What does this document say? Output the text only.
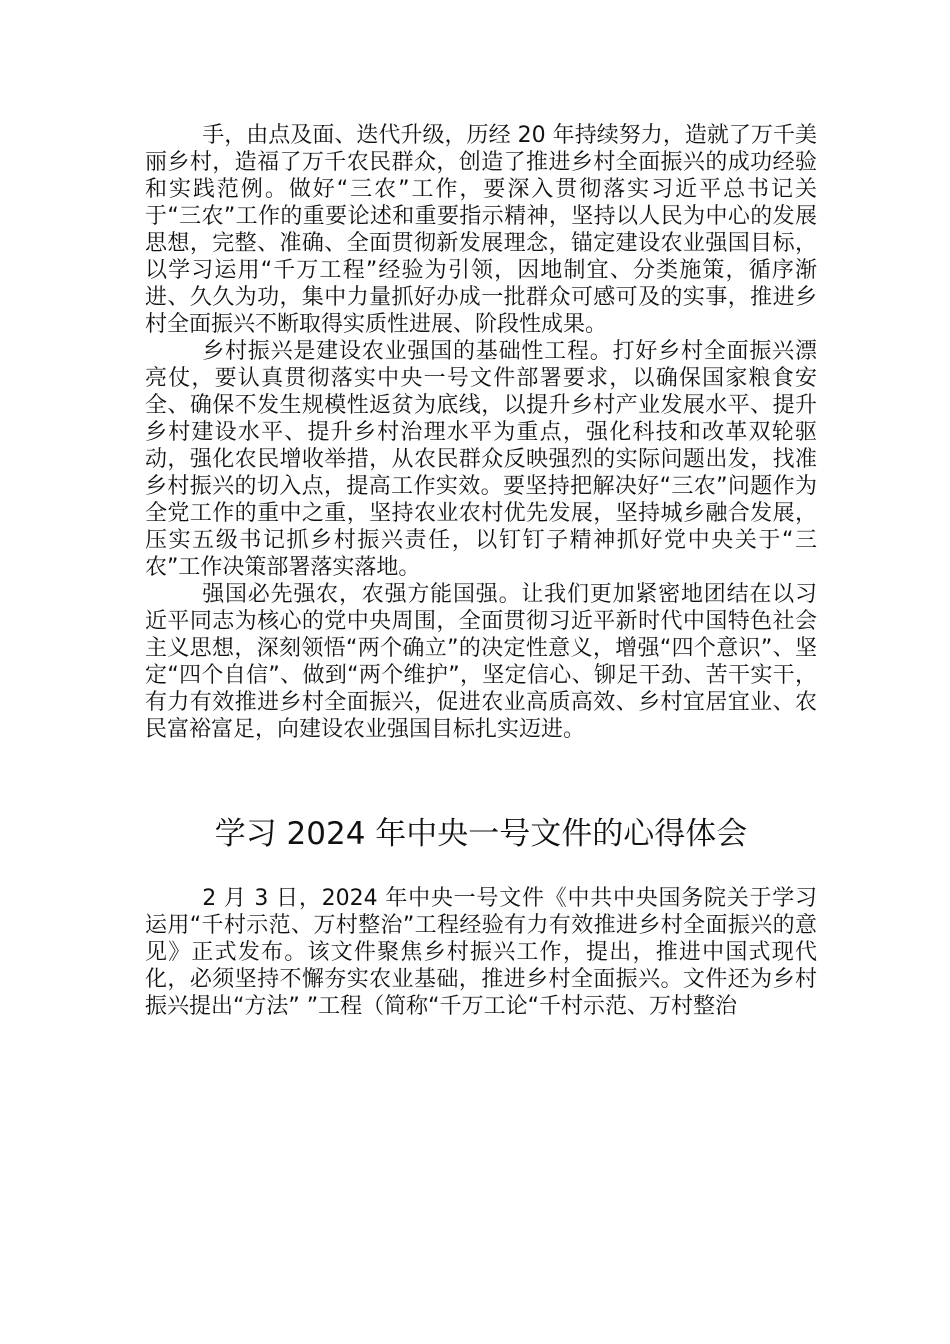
手，由点及面、迭代升级，历经 20 年持续努力，造就了万千美丽乡村，造福了万千农民群众，创造了推进乡村全面振兴的成功经验和实践范例。做好“三农”工作，要深入贯彻落实习近平总书记关于“三农”工作的重要论述和重要指示精神，坚持以人民为中心的发展思想，完整、准确、全面贯彻新发展理念，锚定建设农业强国目标，以学习运用“千万工程”经验为引领，因地制宜、分类施策，循序渐进、久久为功，集中力量抓好办成一批群众可感可及的实事，推进乡村全面振兴不断取得实质性进展、阶段性成果。

乡村振兴是建设农业强国的基础性工程。打好乡村全面振兴漂亮仗，要认真贯彻落实中央一号文件部署要求，以确保国家粮食安全、确保不发生规模性返贫为底线，以提升乡村产业发展水平、提升乡村建设水平、提升乡村治理水平为重点，强化科技和改革双轮驱动，强化农民增收举措，从农民群众反映强烈的实际问题出发，找准乡村振兴的切入点，提高工作实效。要坚持把解决好“三农”问题作为全党工作的重中之重，坚持农业农村优先发展，坚持城乡融合发展，压实五级书记抓乡村振兴责任，以钉钉子精神抓好党中央关于“三农”工作决策部署落实落地。

强国必先强农，农强方能国强。让我们更加紧密地团结在以习近平同志为核心的党中央周围，全面贯彻习近平新时代中国特色社会主义思想，深刻领悟“两个确立”的决定性意义，增强“四个意识”、坚定“四个自信”、做到“两个维护”，坚定信心、铆足干劲、苦干实干，有力有效推进乡村全面振兴，促进农业高质高效、乡村宜居宜业、农民富裕富足，向建设农业强国目标扎实迈进。

学习 2024 年中央一号文件的心得体会

2 月 3 日，2024 年中央一号文件《中共中央国务院关于学习运用“千村示范、万村整治”工程经验有力有效推进乡村全面振兴的意见》正式发布。该文件聚焦乡村振兴工作，提出，推进中国式现代化，必须坚持不懈夯实农业基础，推进乡村全面振兴。文件还为乡村振兴提出“方法” ”工程（简称“千万工论“千村示范、万村整治
